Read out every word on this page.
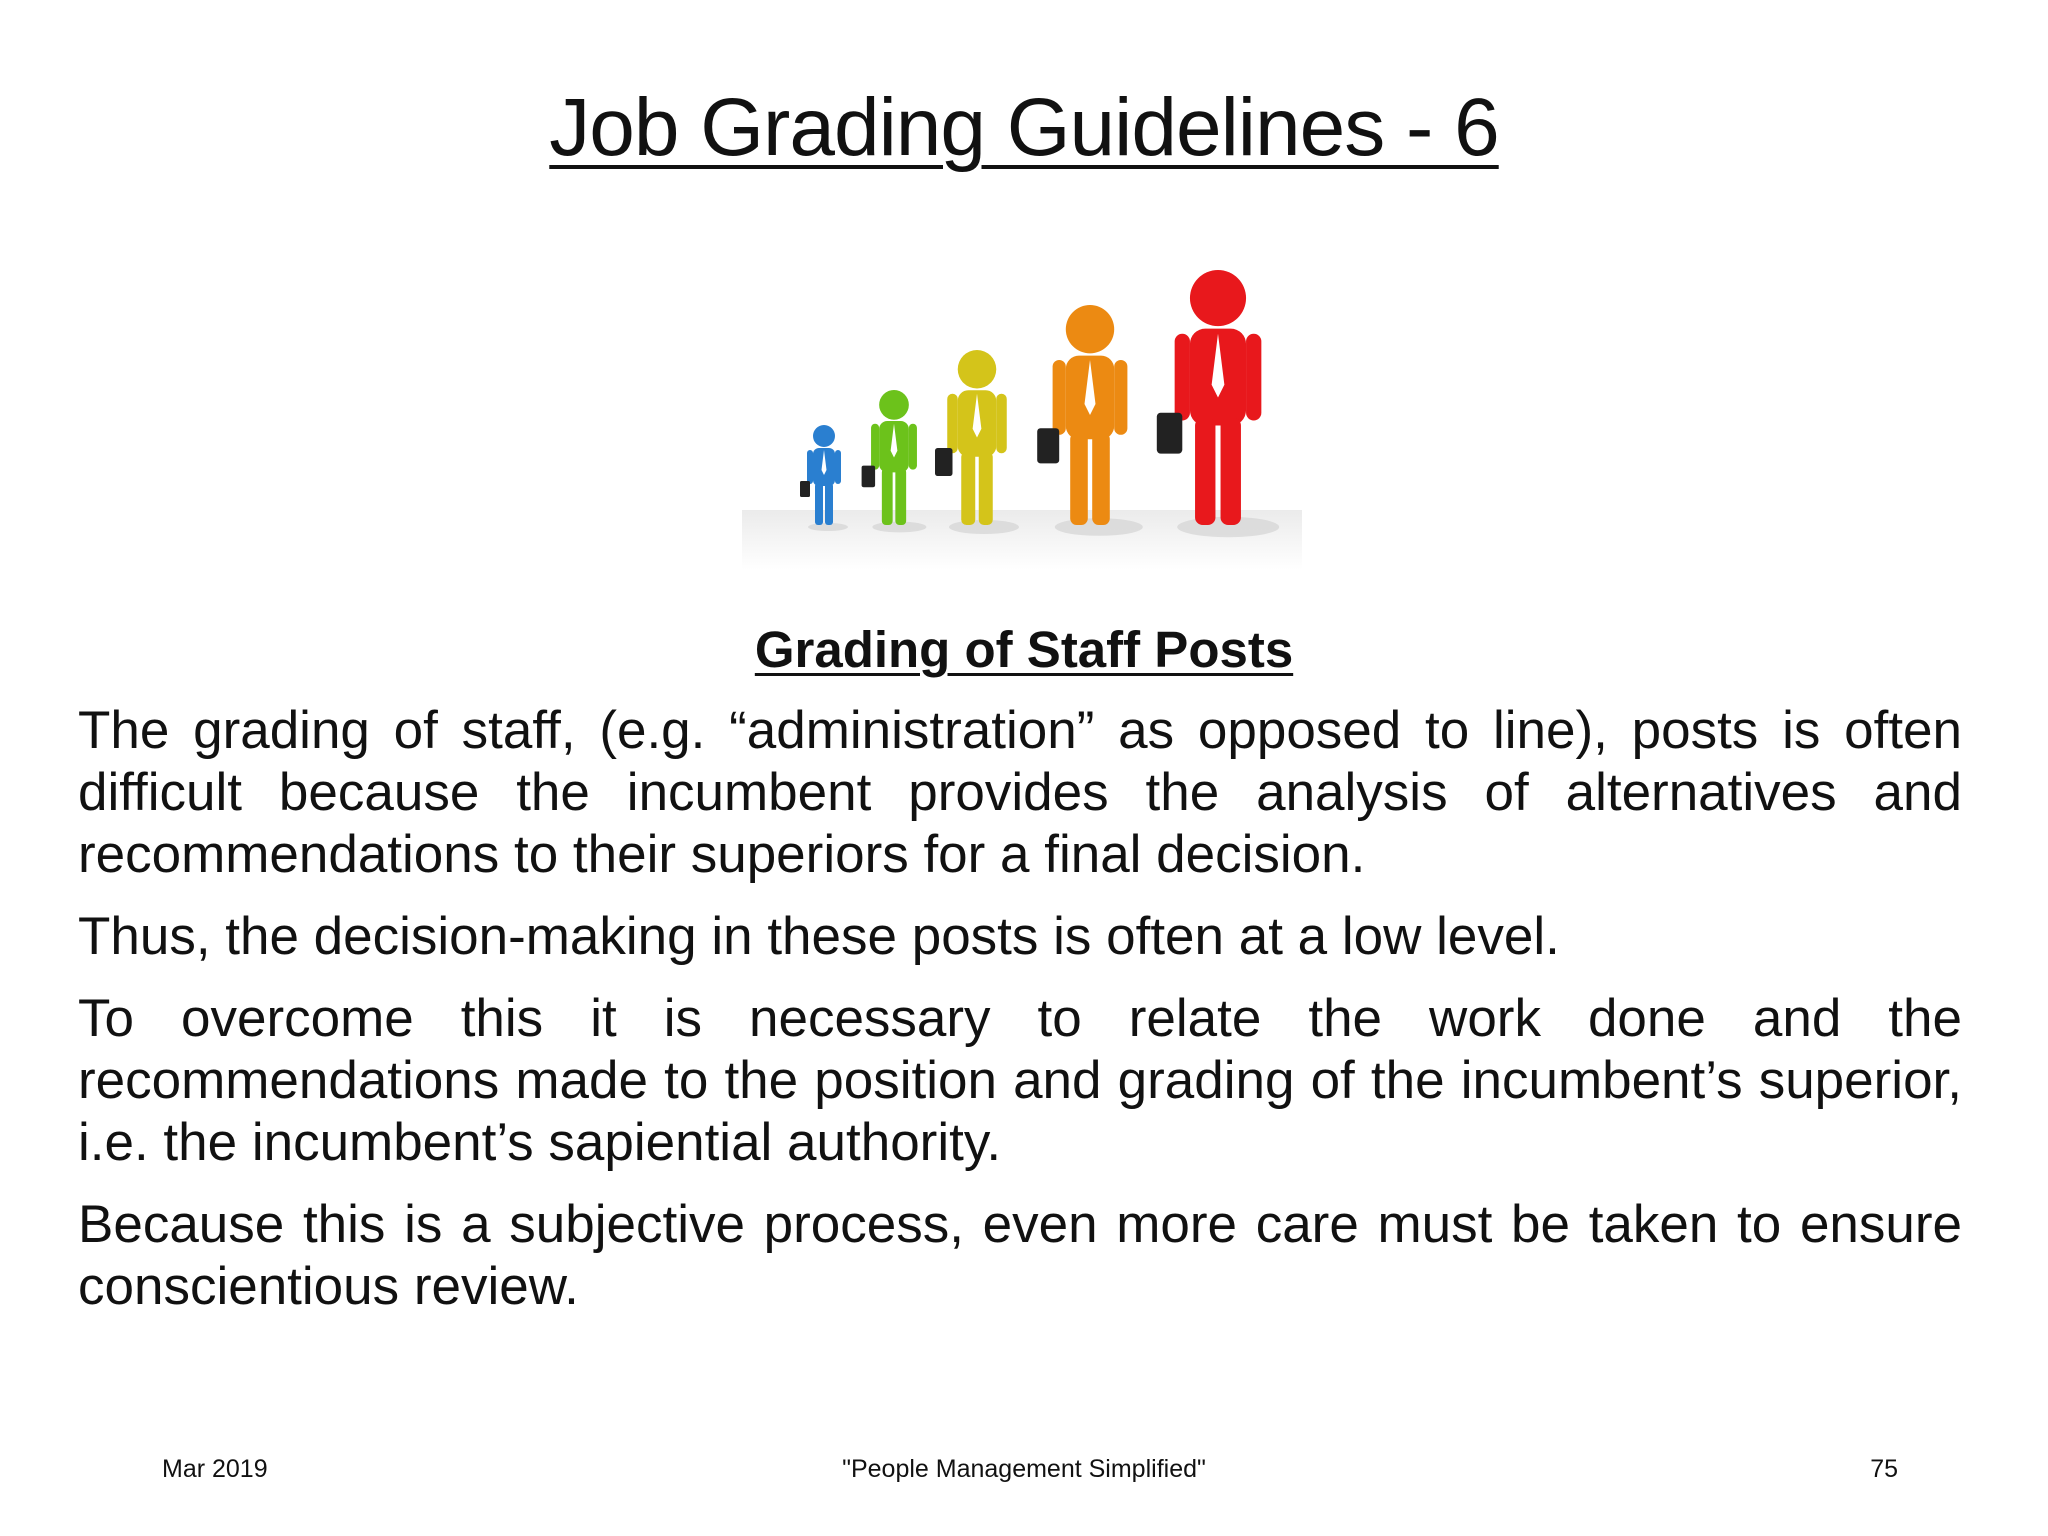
Job Grading Guidelines - 6
Grading of Staff Posts

The grading of staff, (e.g. “administration” as opposed to line), posts is often difficult because the incumbent provides the analysis of alternatives and recommendations to their superiors for a final decision.

Thus, the decision-making in these posts is often at a low level.

To overcome this it is necessary to relate the work done and the recommendations made to the position and grading of the incumbent’s superior, i.e. the incumbent’s sapiential authority.

Because this is a subjective process, even more care must be taken to ensure conscientious review.

Mar 2019	"People Management Simplified"	75
